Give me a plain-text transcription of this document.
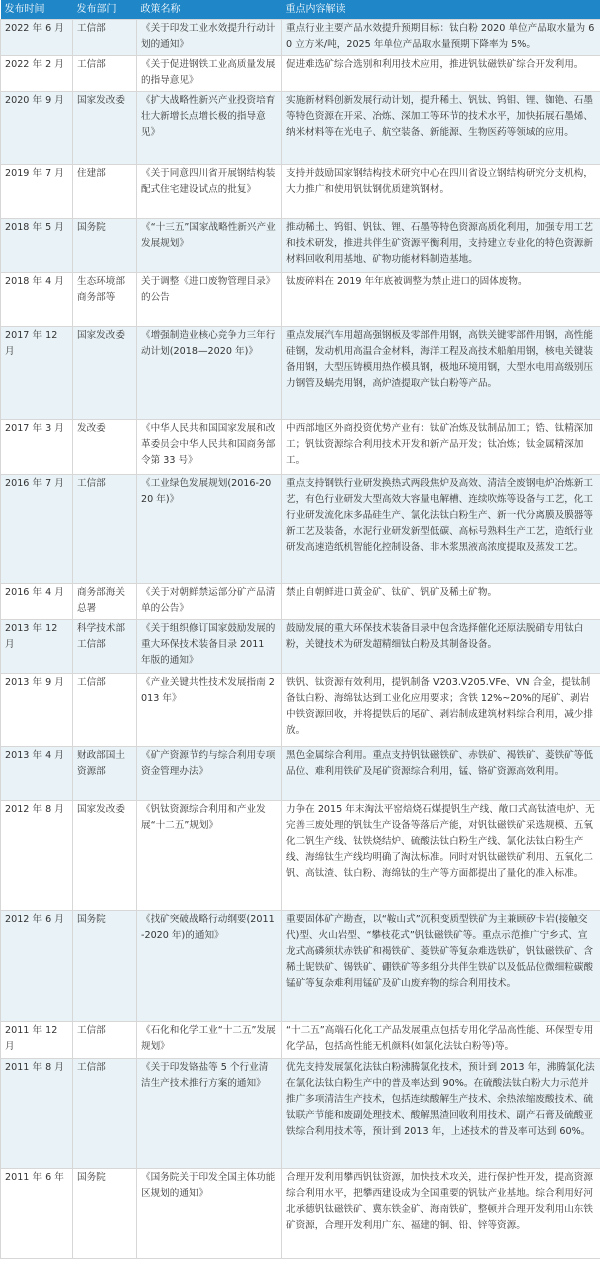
发布时间	发布部门	政策名称	重点内容解读
2022 年 6 月	工信部	《关于印发工业水效提升行动计划的通知》	重点行业主要产品水效提升预期目标：钛白粉 2020 单位产品取水量为 60 立方米/吨，2025 年单位产品取水量预期下降率为 5%。
2022 年 2 月	工信部	《关于促进钢铁工业高质量发展的指导意见》	促进难选矿综合选别和利用技术应用，推进钒钛磁铁矿综合开发利用。
2020 年 9 月	国家发改委	《扩大战略性新兴产业投资培育壮大新增长点增长极的指导意见》	实施新材料创新发展行动计划，提升稀土、钒钛、钨钼、锂、铷铯、石墨等特色资源在开采、冶炼、深加工等环节的技术水平，加快拓展石墨烯、纳米材料等在光电子、航空装备、新能源、生物医药等领域的应用。
2019 年 7 月	住建部	《关于同意四川省开展钢结构装配式住宅建设试点的批复》	支持并鼓励国家钢结构技术研究中心在四川省设立钢结构研究分支机构，大力推广和使用钒钛钢优质建筑钢材。
2018 年 5 月	国务院	《“十三五”国家战略性新兴产业发展规划》	推动稀土、钨钼、钒钛、锂、石墨等特色资源高质化利用，加强专用工艺和技术研发，推进共伴生矿资源平衡利用，支持建立专业化的特色资源新材料回收利用基地、矿物功能材料制造基地。
2018 年 4 月	生态环境部商务部等	关于调整《进口废物管理目录》的公告	钛废碎料在 2019 年年底被调整为禁止进口的固体废物。
2017 年 12 月	国家发改委	《增强制造业核心竞争力三年行动计划(2018—2020 年)》	重点发展汽车用超高强钢板及零部件用钢，高铁关键零部件用钢，高性能硅钢，发动机用高温合金材料，海洋工程及高技术船舶用钢，核电关键装备用钢，大型压铸模用热作模具钢，极地环境用钢，大型水电用高级别压力钢管及蜗壳用钢，高炉渣提取产钛白粉等产品。
2017 年 3 月	发改委	《中华人民共和国国家发展和改革委员会中华人民共和国商务部令第 33 号》	中西部地区外商投资优势产业有：钛矿冶炼及钛制品加工；锆、钛精深加工；钒钛资源综合利用技术开发和新产品开发；钛冶炼；钛金属精深加工。
2016 年 7 月	工信部	《工业绿色发展规划(2016-2020 年)》	重点支持钢铁行业研发换热式两段焦炉及高效、清洁全废钢电炉冶炼新工艺，有色行业研发大型高效大容量电解槽、连续吹炼等设备与工艺，化工行业研发流化床多晶硅生产、氯化法钛白粉生产、新一代分离膜及膜器等新工艺及装备，水泥行业研发新型低碳、高标号熟料生产工艺，造纸行业研发高速造纸机智能化控制设备、非木浆黑液高浓度提取及蒸发工艺。
2016 年 4 月	商务部海关总署	《关于对朝鲜禁运部分矿产品清单的公告》	禁止自朝鲜进口黄金矿、钛矿、钒矿及稀土矿物。
2013 年 12 月	科学技术部工信部	《关于组织修订国家鼓励发展的重大环保技术装备目录 2011 年版的通知》	鼓励发展的重大环保技术装备目录中包含选择催化还原法脱硝专用钛白粉，关键技术为研发超精细钛白粉及其制备设备。
2013 年 9 月	工信部	《产业关键共性技术发展指南 2013 年》	铁钒、钛资源有效利用，提钒制备 V203.V205.VFe、VN 合金，提钛制备钛白粉、海绵钛达到工业化应用要求；含铁 12%~20%的尾矿、剥岩中铁资源回收，并将提铁后的尾矿、剥岩制成建筑材料综合利用，减少排放。
2013 年 4 月	财政部国土资源部	《矿产资源节约与综合利用专项资金管理办法》	黑色金属综合利用。重点支持钒钛磁铁矿、赤铁矿、褐铁矿、菱铁矿等低品位、难利用铁矿及尾矿资源综合利用，锰、铬矿资源高效利用。
2012 年 8 月	国家发改委	《钒钛资源综合利用和产业发展“十二五”规划》	力争在 2015 年末淘汰平窑焙烧石煤提钒生产线、敞口式高钛渣电炉、无完善三废处理的钒钛生产设备等落后产能，对钒钛磁铁矿采选规模、五氧化二钒生产线、钛铁烧结炉、硫酸法钛白粉生产线、氯化法钛白粉生产线、海绵钛生产线均明确了淘汰标准。同时对钒钛磁铁矿利用、五氧化二钒、高钛渣、钛白粉、海绵钛的生产等方面都提出了量化的准入标准。
2012 年 6 月	国务院	《找矿突破战略行动纲要(2011-2020 年)的通知》	重要固体矿产勘查，以“鞍山式”沉积变质型铁矿为主兼顾矽卡岩(接触交代)型、火山岩型、“攀枝花式”钒钛磁铁矿等。重点示范推广宁乡式、宣龙式高磷须状赤铁矿和褐铁矿、菱铁矿等复杂难选铁矿，钒钛磁铁矿、含稀土铌铁矿、锡铁矿、硼铁矿等多组分共伴生铁矿以及低品位微细粒碳酸锰矿等复杂难利用锰矿及矿山废弃物的综合利用技术。
2011 年 12 月	工信部	《石化和化学工业“十二五”发展规划》	“十二五”高端石化化工产品发展重点包括专用化学品高性能、环保型专用化学品，包括高性能无机颜料(如氯化法钛白粉等)等。
2011 年 8 月	工信部	《关于印发铬盐等 5 个行业清洁生产技术推行方案的通知》	优先支持发展氯化法钛白粉沸腾氯化技术，预计到 2013 年，沸腾氯化法在氯化法钛白粉生产中的普及率达到 90%。在硫酸法钛白粉大力示范并推广多项清洁生产技术，包括连续酸解生产技术、余热浓缩废酸技术、硫钛联产节能和废副处理技术、酸解黑渣回收利用技术、副产石膏及硫酸亚铁综合利用技术等，预计到 2013 年，上述技术的普及率可达到 60%。
2011 年 6 年	国务院	《国务院关于印发全国主体功能区规划的通知》	合理开发利用攀西钒钛资源，加快技术攻关，进行保护性开发，提高资源综合利用水平，把攀西建设成为全国重要的钒钛产业基地。综合利用好河北承德钒钛磁铁矿、冀东铁金矿、海南铁矿，整顿并合理开发利用山东铁矿资源，合理开发利用广东、福建的铜、铅、锌等资源。
